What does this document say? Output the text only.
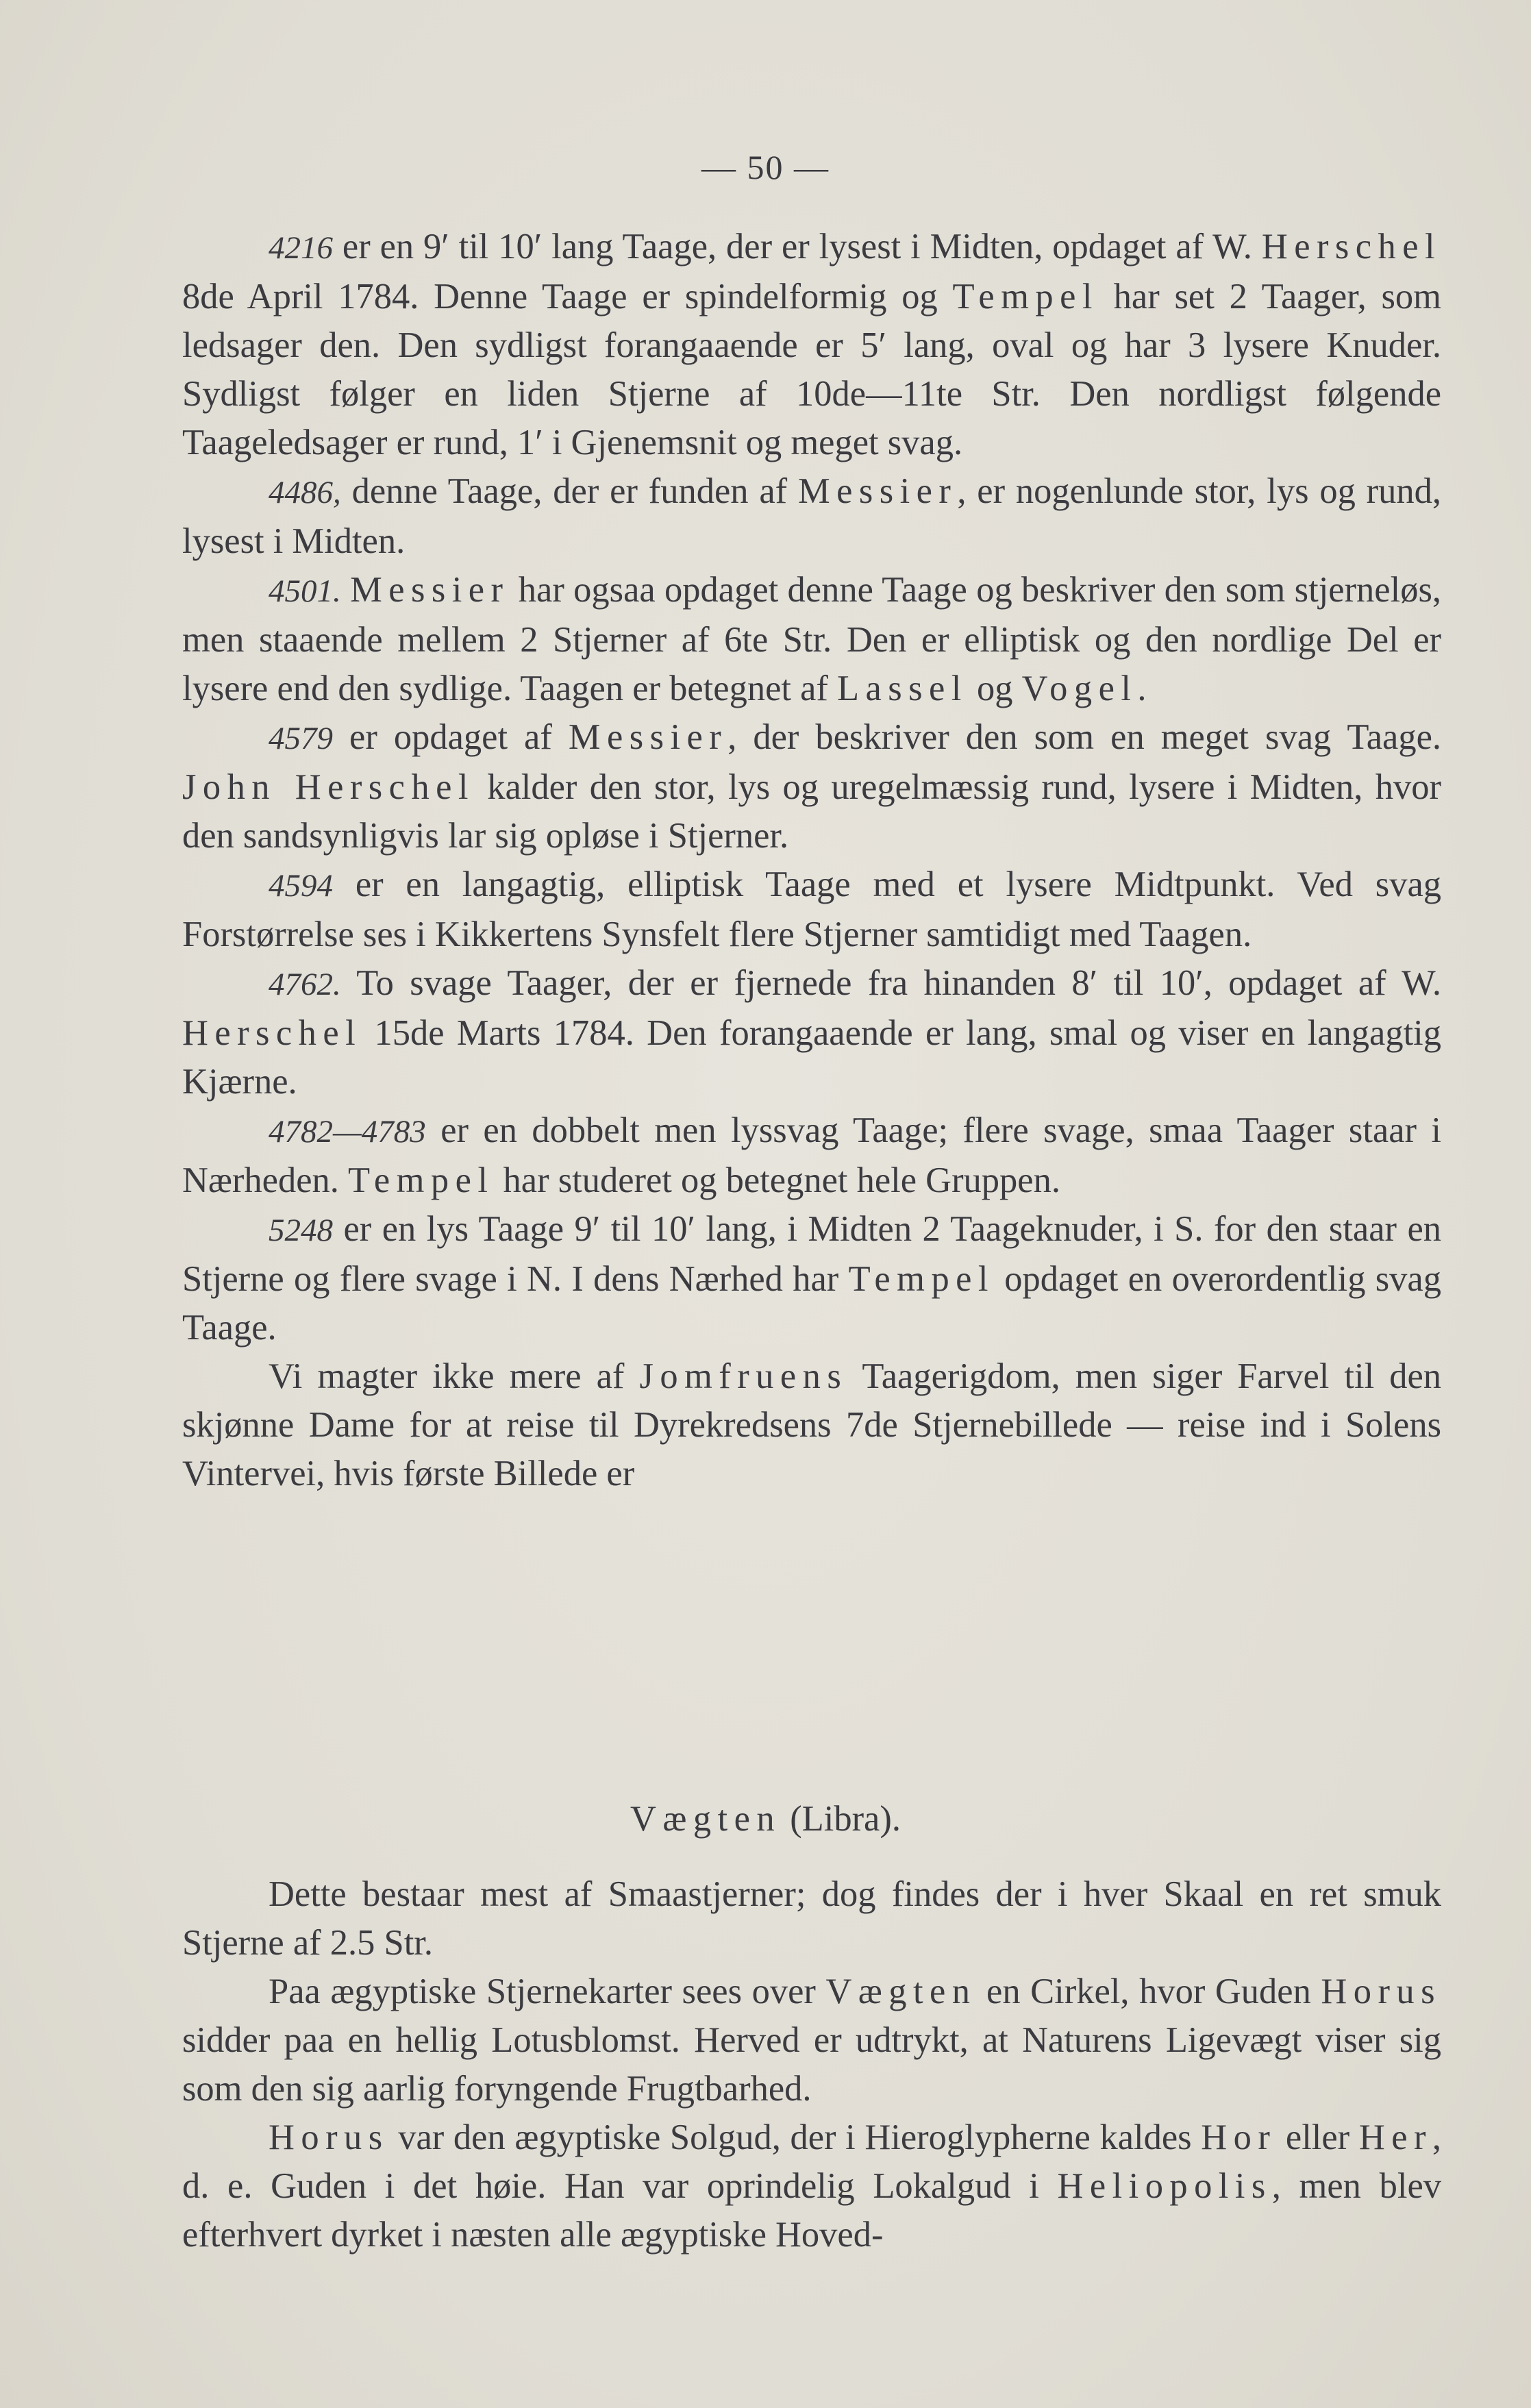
— 50 —

4216 er en 9′ til 10′ lang Taage, der er lysest i Midten, opdaget af W. Herschel 8de April 1784. Denne Taage er spindelformig og Tempel har set 2 Taager, som ledsager den. Den sydligst forangaaende er 5′ lang, oval og har 3 lysere Knuder. Sydligst følger en liden Stjerne af 10de—11te Str. Den nordligst følgende Taageledsager er rund, 1′ i Gjenemsnit og meget svag.

4486, denne Taage, der er funden af Messier, er nogenlunde stor, lys og rund, lysest i Midten.

4501. Messier har ogsaa opdaget denne Taage og beskriver den som stjerneløs, men staaende mellem 2 Stjerner af 6te Str. Den er elliptisk og den nordlige Del er lysere end den sydlige. Taagen er betegnet af Lassel og Vogel.

4579 er opdaget af Messier, der beskriver den som en meget svag Taage. John Herschel kalder den stor, lys og uregelmæssig rund, lysere i Midten, hvor den sandsynligvis lar sig opløse i Stjerner.

4594 er en langagtig, elliptisk Taage med et lysere Midtpunkt. Ved svag Forstørrelse ses i Kikkertens Synsfelt flere Stjerner samtidigt med Taagen.

4762. To svage Taager, der er fjernede fra hinanden 8′ til 10′, opdaget af W. Herschel 15de Marts 1784. Den forangaaende er lang, smal og viser en langagtig Kjærne.

4782—4783 er en dobbelt men lyssvag Taage; flere svage, smaa Taager staar i Nærheden. Tempel har studeret og betegnet hele Gruppen.

5248 er en lys Taage 9′ til 10′ lang, i Midten 2 Taageknuder, i S. for den staar en Stjerne og flere svage i N. I dens Nærhed har Tempel opdaget en overordentlig svag Taage.

Vi magter ikke mere af Jomfruens Taagerigdom, men siger Farvel til den skjønne Dame for at reise til Dyrekredsens 7de Stjernebillede — reise ind i Solens Vintervei, hvis første Billede er

Vægten (Libra).

Dette bestaar mest af Smaastjerner; dog findes der i hver Skaal en ret smuk Stjerne af 2.5 Str.

Paa ægyptiske Stjernekarter sees over Vægten en Cirkel, hvor Guden Horus sidder paa en hellig Lotusblomst. Herved er udtrykt, at Naturens Ligevægt viser sig som den sig aarlig foryngende Frugtbarhed.

Horus var den ægyptiske Solgud, der i Hieroglypherne kaldes Hor eller Her, d. e. Guden i det høie. Han var oprindelig Lokalgud i Heliopolis, men blev efterhvert dyrket i næsten alle ægyptiske Hoved-
